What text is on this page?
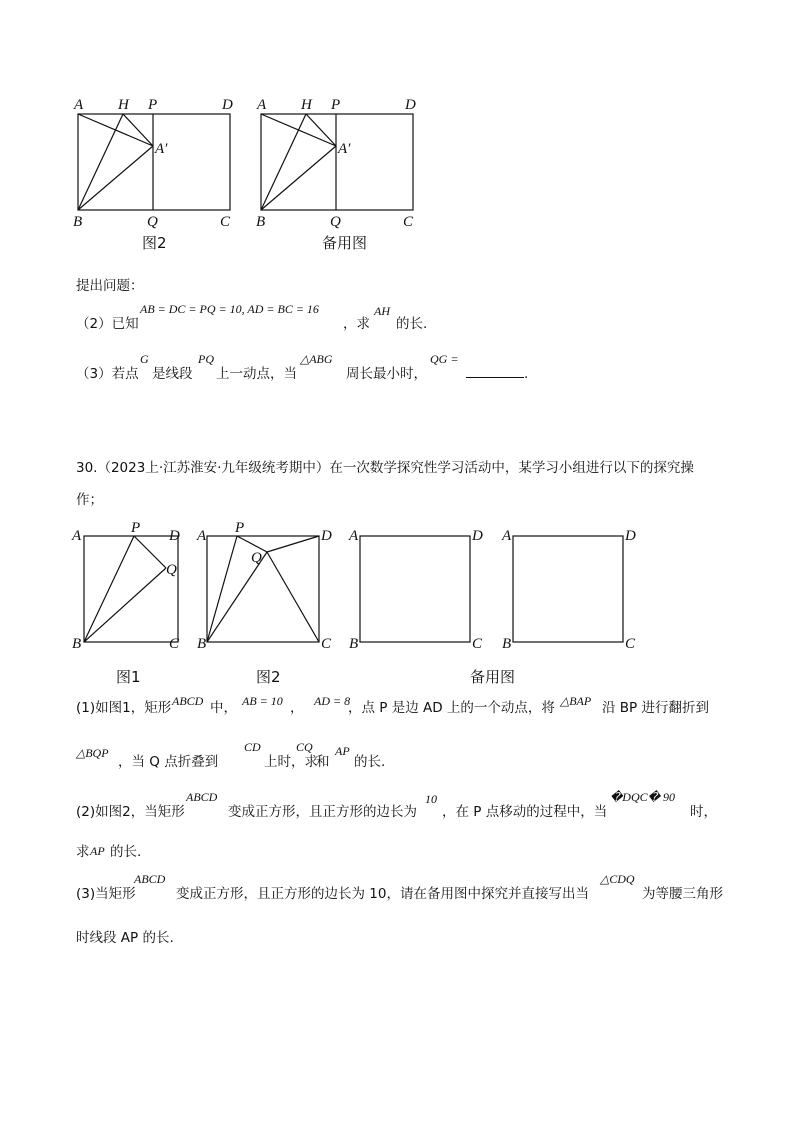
A H P	D
A′
B	Q	C
图2
A H P	D
A′
B	Q	C
备用图
提出问题：
（2）已知
AB = DC = PQ = 10, AD = BC = 16
，求
AH
的长.
（3）若点
G
是线段
PQ
上一动点，当
△ABG
周长最小时，
QG =
.
30.（2023上·江苏淮安·九年级统考期中）在一次数学探究性学习活动中，某学习小组进行以下的探究操
作；
A	P D
Q
B	C
图1
A P	D
Q
B	C
图2
A	D
B	C
A	D
B	C
备用图
(1)如图1，矩形 ABCD 中， AB = 10 ， AD = 8
，点 P 是边 AD 上的一个动点，将 △BAP 沿 BP 进行翻折到
△BQP
，当 Q 点折叠到
CD
上时，求
CQ
和
AP
的长.
(2)如图2，当矩形
ABCD
变成正方形，且正方形的边长为
10
，在 P 点移动的过程中，当
�DQC� 90
时，
求 AP 的长.
(3)当矩形
ABCD
变成正方形，且正方形的边长为 10，请在备用图中探究并直接写出当
△CDQ
为等腰三角形
时线段 AP 的长.
